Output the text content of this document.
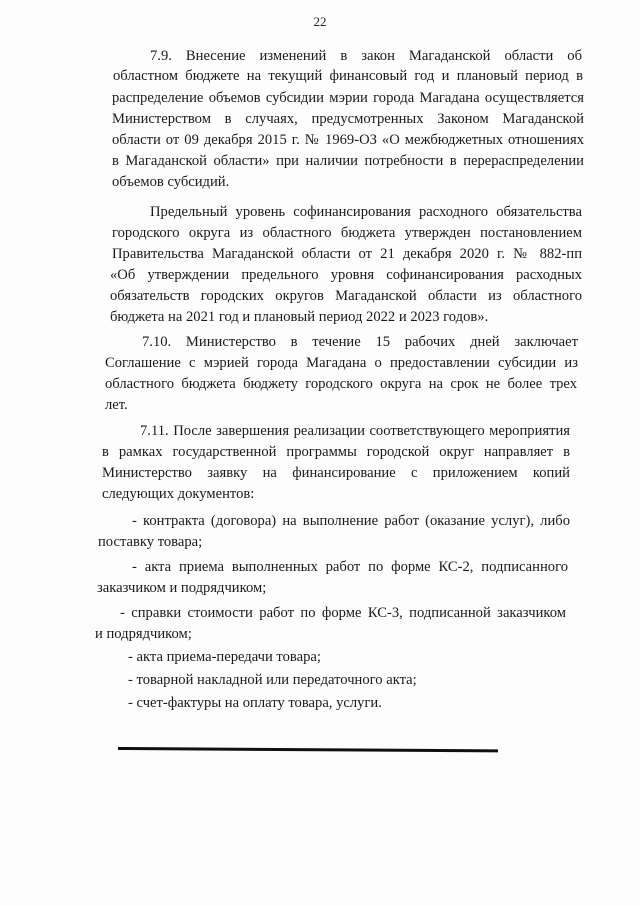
22
7.9. Внесение изменений в закон Магаданской области об
областном бюджете на текущий финансовый год и плановый период в
распределение объемов субсидии мэрии города Магадана осуществляется
Министерством в случаях, предусмотренных Законом Магаданской
области от 09 декабря 2015 г. № 1969-ОЗ «О межбюджетных отношениях
в Магаданской области» при наличии потребности в перераспределении
объемов субсидий.
Предельный уровень софинансирования расходного обязательства
городского округа из областного бюджета утвержден постановлением
Правительства Магаданской области от 21 декабря 2020 г. № 882-пп
«Об утверждении предельного уровня софинансирования расходных
обязательств городских округов Магаданской области из областного
бюджета на 2021 год и плановый период 2022 и 2023 годов».
7.10. Министерство в течение 15 рабочих дней заключает
Соглашение с мэрией города Магадана о предоставлении субсидии из
областного бюджета бюджету городского округа на срок не более трех
лет.
7.11. После завершения реализации соответствующего мероприятия
в рамках государственной программы городской округ направляет в
Министерство заявку на финансирование с приложением копий
следующих документов:
- контракта (договора) на выполнение работ (оказание услуг), либо
поставку товара;
- акта приема выполненных работ по форме КС-2, подписанного
заказчиком и подрядчиком;
- справки стоимости работ по форме КС-3, подписанной заказчиком
и подрядчиком;
- акта приема-передачи товара;
- товарной накладной или передаточного акта;
- счет-фактуры на оплату товара, услуги.
